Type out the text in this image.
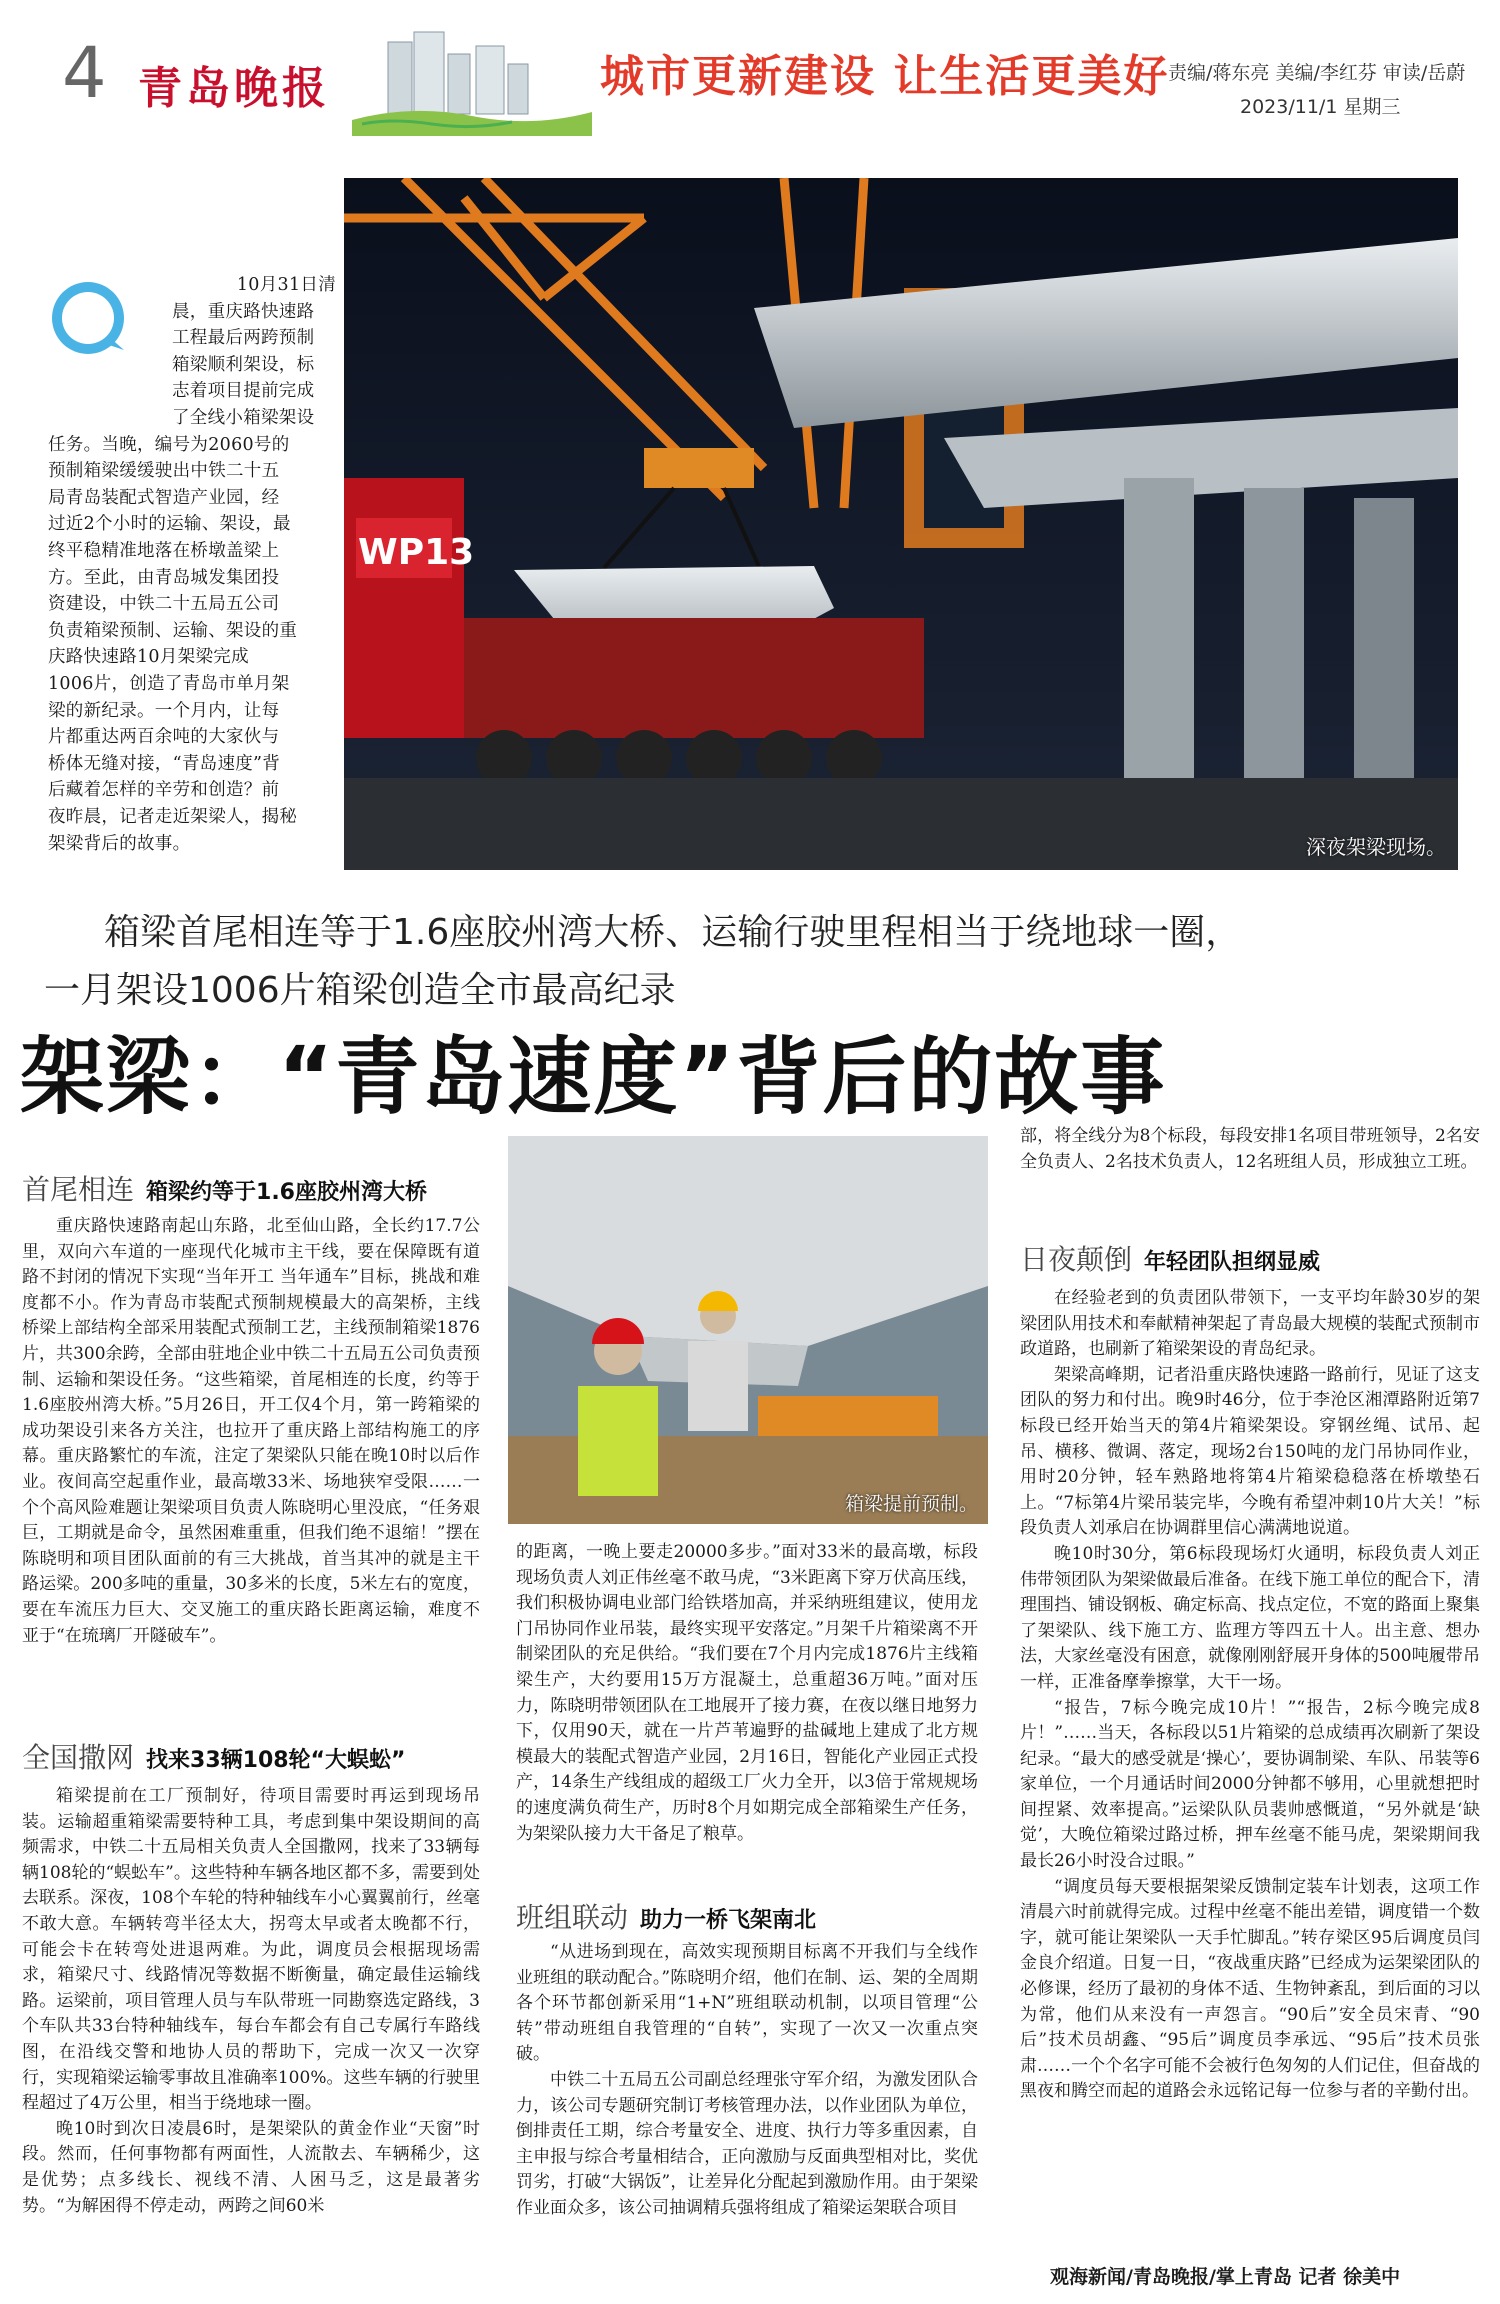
4 青岛晚报	城市更新建设 让生活更美好
责编/蒋东亮 美编/李红芬 审读/岳蔚
2023/11/1 星期三
WP13
深夜架梁现场。
10月31日清
晨，重庆路快速路
工程最后两跨预制
箱梁顺利架设，标
志着项目提前完成
了全线小箱梁架设
任务。当晚，编号为2060号的
预制箱梁缓缓驶出中铁二十五
局青岛装配式智造产业园，经
过近2个小时的运输、架设，最
终平稳精准地落在桥墩盖梁上
方。至此，由青岛城发集团投
资建设，中铁二十五局五公司
负责箱梁预制、运输、架设的重
庆路快速路10月架梁完成
1006片，创造了青岛市单月架
梁的新纪录。一个月内，让每
片都重达两百余吨的大家伙与
桥体无缝对接，“青岛速度”背
后藏着怎样的辛劳和创造？前
夜昨晨，记者走近架梁人，揭秘
架梁背后的故事。
箱梁首尾相连等于1.6座胶州湾大桥、运输行驶里程相当于绕地球一圈，
一月架设1006片箱梁创造全市最高纪录
架梁：“青岛速度”背后的故事
首尾相连 箱梁约等于1.6座胶州湾大桥
全国撒网 找来33辆108轮“大蜈蚣”
班组联动 助力一桥飞架南北
日夜颠倒 年轻团队担纲显威

重庆路快速路南起山东路，北至仙山路，全长约17.7公里，双向六车道的一座现代化城市主干线，要在保障既有道路不封闭的情况下实现“当年开工 当年通车”目标，挑战和难度都不小。作为青岛市装配式预制规模最大的高架桥，主线桥梁上部结构全部采用装配式预制工艺，主线预制箱梁1876片，共300余跨，全部由驻地企业中铁二十五局五公司负责预制、运输和架设任务。“这些箱梁，首尾相连的长度，约等于1.6座胶州湾大桥。”5月26日，开工仅4个月，第一跨箱梁的成功架设引来各方关注，也拉开了重庆路上部结构施工的序幕。重庆路繁忙的车流，注定了架梁队只能在晚10时以后作业。夜间高空起重作业，最高墩33米、场地狭窄受限……一个个高风险难题让架梁项目负责人陈晓明心里没底，“任务艰巨，工期就是命令，虽然困难重重，但我们绝不退缩！”摆在陈晓明和项目团队面前的有三大挑战，首当其冲的就是主干路运梁。200多吨的重量，30多米的长度，5米左右的宽度，要在车流压力巨大、交叉施工的重庆路长距离运输，难度不亚于“在琉璃厂开隧破车”。

箱梁提前在工厂预制好，待项目需要时再运到现场吊装。运输超重箱梁需要特种工具，考虑到集中架设期间的高频需求，中铁二十五局相关负责人全国撒网，找来了33辆每辆108轮的“蜈蚣车”。这些特种车辆各地区都不多，需要到处去联系。深夜，108个车轮的特种轴线车小心翼翼前行，丝毫不敢大意。车辆转弯半径太大，拐弯太早或者太晚都不行，可能会卡在转弯处进退两难。为此，调度员会根据现场需求，箱梁尺寸、线路情况等数据不断衡量，确定最佳运输线路。运梁前，项目管理人员与车队带班一同勘察选定路线，3个车队共33台特种轴线车，每台车都会有自己专属行车路线图，在沿线交警和地协人员的帮助下，完成一次又一次穿行，实现箱梁运输零事故且准确率100%。这些车辆的行驶里程超过了4万公里，相当于绕地球一圈。

晚10时到次日凌晨6时，是架梁队的黄金作业“天窗”时段。然而，任何事物都有两面性，人流散去、车辆稀少，这是优势；点多线长、视线不清、人困马乏，这是最著劣势。“为解困得不停走动，两跨之间60米

箱梁提前预制。

的距离，一晚上要走20000多步。”面对33米的最高墩，标段现场负责人刘正伟丝毫不敢马虎，“3米距离下穿万伏高压线，我们积极协调电业部门给铁塔加高，并采纳班组建议，使用龙门吊协同作业吊装，最终实现平安落定。”月架千片箱梁离不开制梁团队的充足供给。“我们要在7个月内完成1876片主线箱梁生产，大约要用15万方混凝土，总重超36万吨。”面对压力，陈晓明带领团队在工地展开了接力赛，在夜以继日地努力下，仅用90天，就在一片芦苇遍野的盐碱地上建成了北方规模最大的装配式智造产业园，2月16日，智能化产业园正式投产，14条生产线组成的超级工厂火力全开，以3倍于常规规场的速度满负荷生产，历时8个月如期完成全部箱梁生产任务，为架梁队接力大干备足了粮草。

“从进场到现在，高效实现预期目标离不开我们与全线作业班组的联动配合。”陈晓明介绍，他们在制、运、架的全周期各个环节都创新采用“1+N”班组联动机制，以项目管理“公转”带动班组自我管理的“自转”，实现了一次又一次重点突破。

中铁二十五局五公司副总经理张守军介绍，为激发团队合力，该公司专题研究制订考核管理办法，以作业团队为单位，倒排责任工期，综合考量安全、进度、执行力等多重因素，自主申报与综合考量相结合，正向激励与反面典型相对比，奖优罚劣，打破“大锅饭”，让差异化分配起到激励作用。由于架梁作业面众多，该公司抽调精兵强将组成了箱梁运架联合项目

部，将全线分为8个标段，每段安排1名项目带班领导，2名安全负责人、2名技术负责人，12名班组人员，形成独立工班。

在经验老到的负责团队带领下，一支平均年龄30岁的架梁团队用技术和奉献精神架起了青岛最大规模的装配式预制市政道路，也刷新了箱梁架设的青岛纪录。

架梁高峰期，记者沿重庆路快速路一路前行，见证了这支团队的努力和付出。晚9时46分，位于李沧区湘潭路附近第7标段已经开始当天的第4片箱梁架设。穿钢丝绳、试吊、起吊、横移、微调、落定，现场2台150吨的龙门吊协同作业，用时20分钟，轻车熟路地将第4片箱梁稳稳落在桥墩垫石上。“7标第4片梁吊装完毕，今晚有希望冲刺10片大关！”标段负责人刘承启在协调群里信心满满地说道。

晚10时30分，第6标段现场灯火通明，标段负责人刘正伟带领团队为架梁做最后准备。在线下施工单位的配合下，清理围挡、铺设钢板、确定标高、找点定位，不宽的路面上聚集了架梁队、线下施工方、监理方等四五十人。出主意、想办法，大家丝毫没有困意，就像刚刚舒展开身体的500吨履带吊一样，正准备摩拳擦掌，大干一场。

“报告，7标今晚完成10片！”“报告，2标今晚完成8片！”……当天，各标段以51片箱梁的总成绩再次刷新了架设纪录。“最大的感受就是‘操心’，要协调制梁、车队、吊装等6家单位，一个月通话时间2000分钟都不够用，心里就想把时间捏紧、效率提高。”运梁队队员裴帅感慨道，“另外就是‘缺觉’，大晚位箱梁过路过桥，押车丝毫不能马虎，架梁期间我最长26小时没合过眼。”

“调度员每天要根据架梁反馈制定装车计划表，这项工作清晨六时前就得完成。过程中丝毫不能出差错，调度错一个数字，就可能让架梁队一天手忙脚乱。”转存梁区95后调度员闫金良介绍道。日复一日，“夜战重庆路”已经成为运架梁团队的必修课，经历了最初的身体不适、生物钟紊乱，到后面的习以为常，他们从来没有一声怨言。“90后”安全员宋青、“90后”技术员胡鑫、“95后”调度员李承远、“95后”技术员张肃……一个个名字可能不会被行色匆匆的人们记住，但奋战的黑夜和腾空而起的道路会永远铭记每一位参与者的辛勤付出。

观海新闻/青岛晚报/掌上青岛 记者 徐美中
